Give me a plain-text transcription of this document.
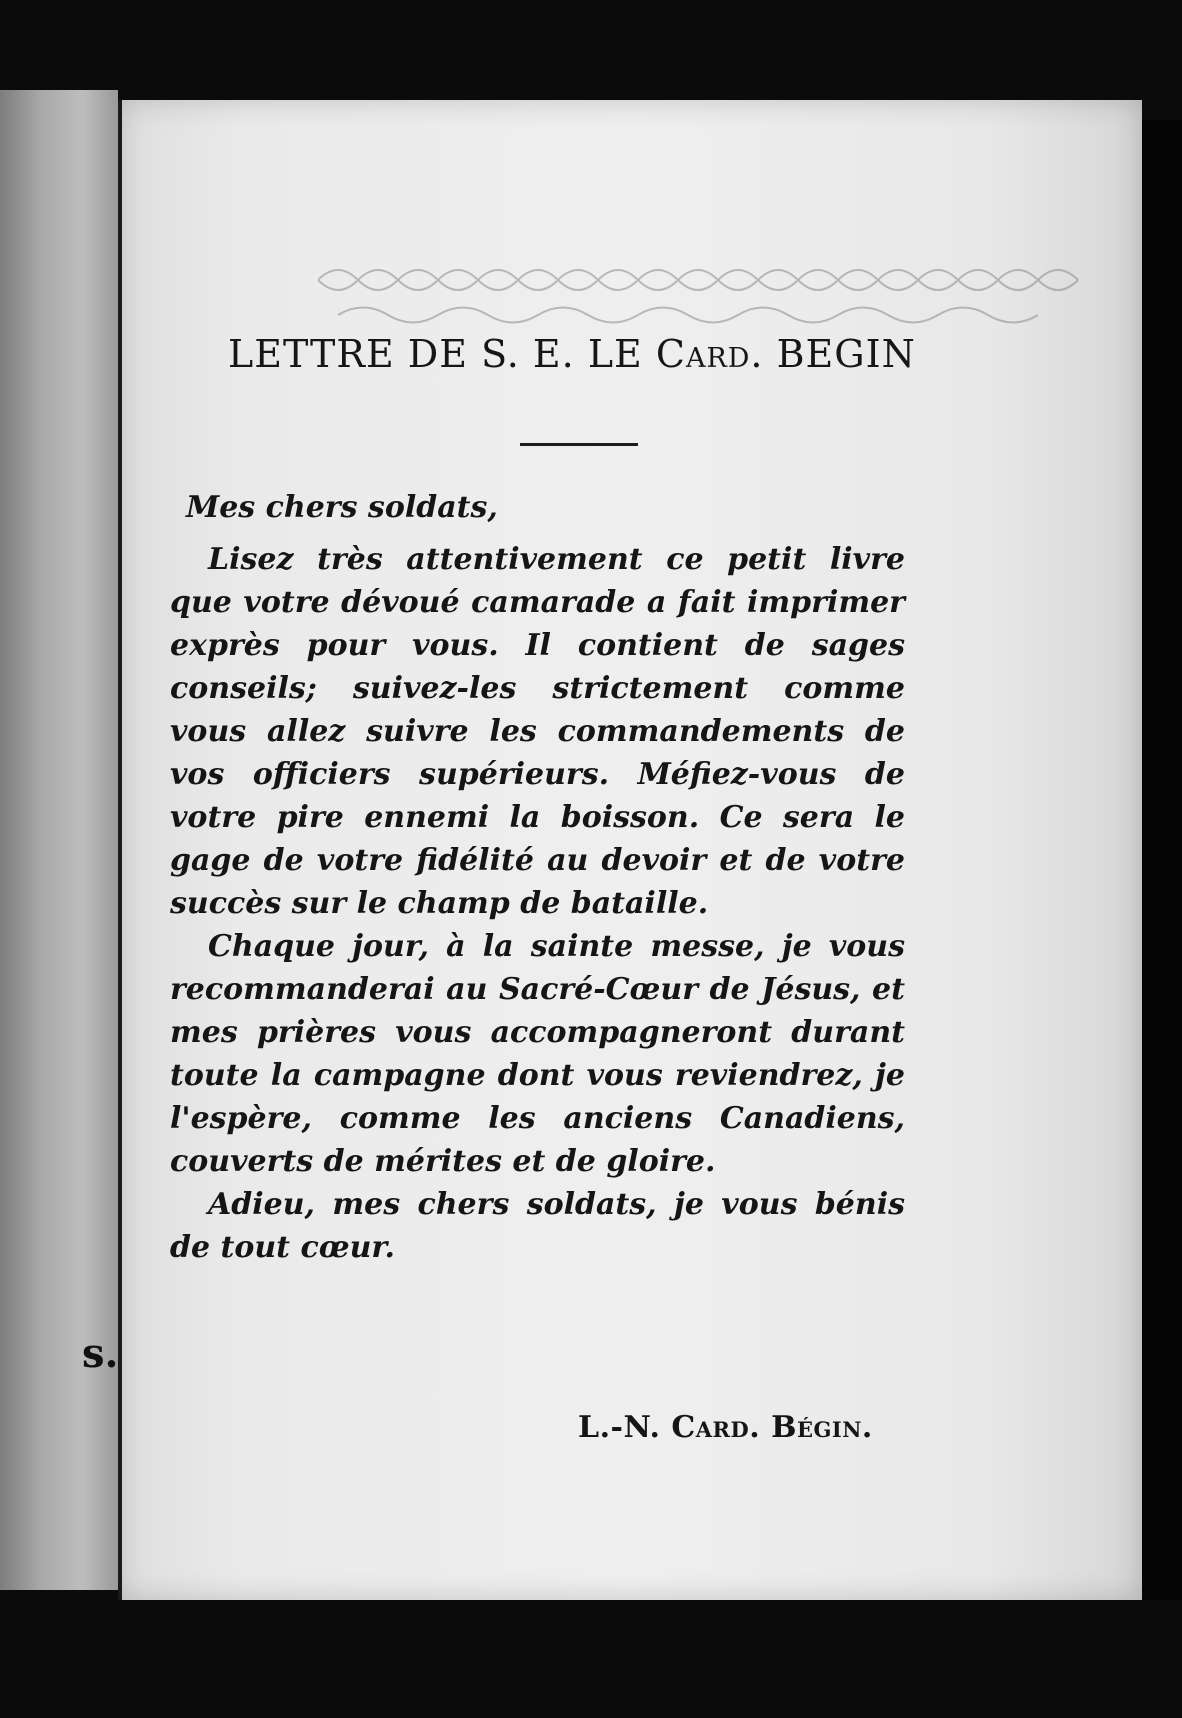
s.
LETTRE DE S. E. LE Card. BEGIN
Mes chers soldats,

Lisez très attentivement ce petit livre que votre dévoué camarade a fait imprimer exprès pour vous. Il contient de sages conseils; suivez-les strictement comme vous allez suivre les commandements de vos officiers supérieurs. Méfiez-vous de votre pire ennemi la boisson. Ce sera le gage de votre fidélité au devoir et de votre succès sur le champ de bataille.

Chaque jour, à la sainte messe, je vous recommanderai au Sacré-Cœur de Jésus, et mes prières vous accompagneront durant toute la campagne dont vous reviendrez, je l'espère, comme les anciens Canadiens, couverts de mérites et de gloire.

Adieu, mes chers soldats, je vous bénis de tout cœur.

L.-N. Card. Bégin.
